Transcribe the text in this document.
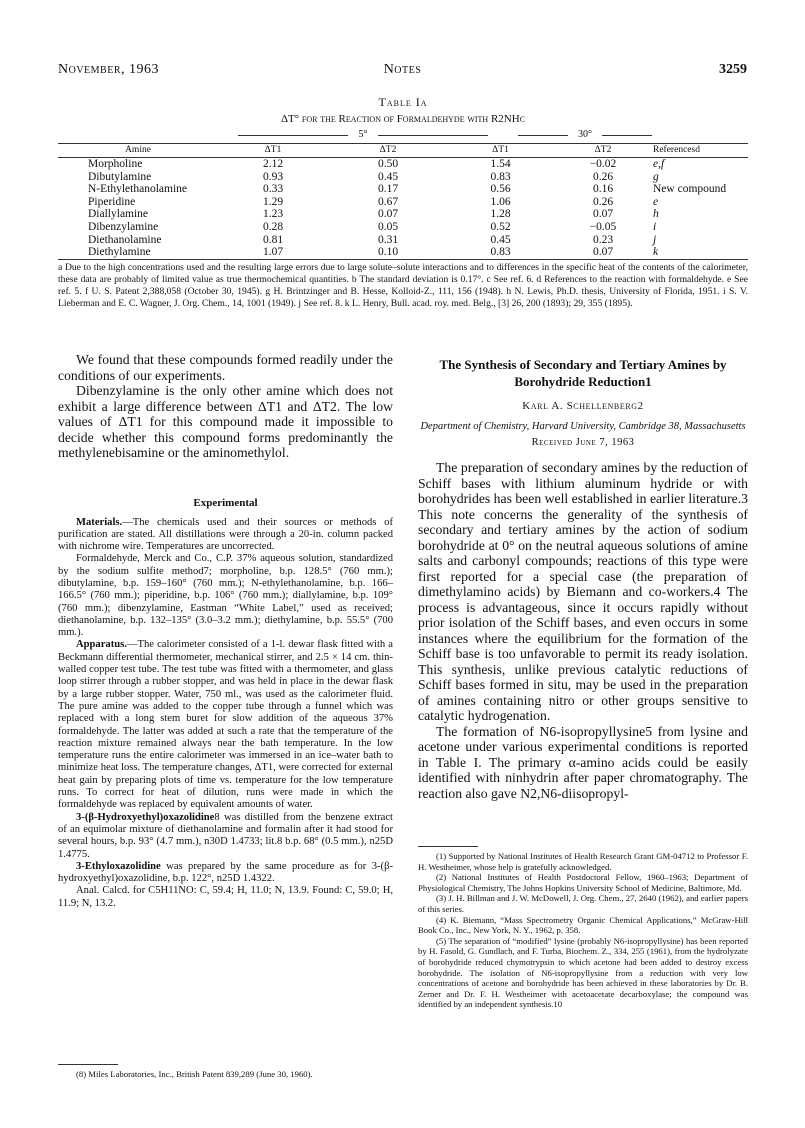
November, 1963	Notes	3259
Table Ia
ΔT° for the Reaction of Formaldehyde with R2NHc
5°	30°
Amine	ΔT1	ΔT2	ΔT1	ΔT2	Referencesd
Morpholine	2.12	0.50	1.54	−0.02	e,f
Dibutylamine	0.93	0.45	0.83	0.26	g
N-Ethylethanolamine	0.33	0.17	0.56	0.16	New compound
Piperidine	1.29	0.67	1.06	0.26	e
Diallylamine	1.23	0.07	1.28	0.07	h
Dibenzylamine	0.28	0.05	0.52	−0.05	i
Diethanolamine	0.81	0.31	0.45	0.23	j
Diethylamine	1.07	0.10	0.83	0.07	k
a Due to the high concentrations used and the resulting large errors due to large solute–solute interactions and to differences in the specific heat of the contents of the calorimeter, these data are probably of limited value as true thermochemical quantities. b The standard deviation is 0.17°. c See ref. 6. d References to the reaction with formaldehyde. e See ref. 5. f U. S. Patent 2,388,058 (October 30, 1945). g H. Brintzinger and B. Hesse, Kolloid-Z., 111, 156 (1948). h N. Lewis, Ph.D. thesis, University of Florida, 1951. i S. V. Lieberman and E. C. Wagner, J. Org. Chem., 14, 1001 (1949). j See ref. 8. k L. Henry, Bull. acad. roy. med. Belg., [3] 26, 200 (1893); 29, 355 (1895).

We found that these compounds formed readily under the conditions of our experiments.

Dibenzylamine is the only other amine which does not exhibit a large difference between ΔT1 and ΔT2. The low values of ΔT1 for this compound made it impossible to decide whether this compound forms predominantly the methylenebisamine or the aminomethylol.

Experimental

Materials.—The chemicals used and their sources or methods of purification are stated. All distillations were through a 20-in. column packed with nichrome wire. Temperatures are uncorrected.

Formaldehyde, Merck and Co., C.P. 37% aqueous solution, standardized by the sodium sulfite method7; morpholine, b.p. 128.5° (760 mm.); dibutylamine, b.p. 159–160° (760 mm.); N-ethylethanolamine, b.p. 166–166.5° (760 mm.); piperidine, b.p. 106° (760 mm.); diallylamine, b.p. 109° (760 mm.); dibenzylamine, Eastman “White Label,” used as received; diethanolamine, b.p. 132–135° (3.0–3.2 mm.); diethylamine, b.p. 55.5° (700 mm.).

Apparatus.—The calorimeter consisted of a 1-l. dewar flask fitted with a Beckmann differential thermometer, mechanical stirrer, and 2.5 × 14 cm. thin-walled copper test tube. The test tube was fitted with a thermometer, and glass loop stirrer through a rubber stopper, and was held in place in the dewar flask by a large rubber stopper. Water, 750 ml., was used as the calorimeter fluid. The pure amine was added to the copper tube through a funnel which was replaced with a long stem buret for slow addition of the aqueous 37% formaldehyde. The latter was added at such a rate that the temperature of the reaction mixture remained always near the bath temperature. In the low temperature runs the entire calorimeter was immersed in an ice–water bath to minimize heat loss. The temperature changes, ΔT1, were corrected for external heat gain by preparing plots of time vs. temperature for the low temperature runs. To correct for heat of dilution, runs were made in which the formaldehyde was replaced by equivalent amounts of water.

3-(β-Hydroxyethyl)oxazolidine8 was distilled from the benzene extract of an equimolar mixture of diethanolamine and formalin after it had stood for several hours, b.p. 93° (4.7 mm.), n30D 1.4733; lit.8 b.p. 68° (0.5 mm.), n25D 1.4775.

3-Ethyloxazolidine was prepared by the same procedure as for 3-(β-hydroxyethyl)oxazolidine, b.p. 122°, n25D 1.4322.

Anal. Calcd. for C5H11NO: C, 59.4; H, 11.0; N, 13.9. Found: C, 59.0; H, 11.9; N, 13.2.

(8) Miles Laboratories, Inc., British Patent 839,289 (June 30, 1960).

The Synthesis of Secondary and Tertiary Amines by Borohydride Reduction1
Karl A. Schellenberg2
Department of Chemistry, Harvard University, Cambridge 38, Massachusetts
Received June 7, 1963

The preparation of secondary amines by the reduction of Schiff bases with lithium aluminum hydride or with borohydrides has been well established in earlier literature.3 This note concerns the generality of the synthesis of secondary and tertiary amines by the action of sodium borohydride at 0° on the neutral aqueous solutions of amine salts and carbonyl compounds; reactions of this type were first reported for a special case (the preparation of dimethylamino acids) by Biemann and co-workers.4 The process is advantageous, since it occurs rapidly without prior isolation of the Schiff bases, and even occurs in some instances where the equilibrium for the formation of the Schiff base is too unfavorable to permit its ready isolation. This synthesis, unlike previous catalytic reductions of Schiff bases formed in situ, may be used in the preparation of amines containing nitro or other groups sensitive to catalytic hydrogenation.

The formation of N6-isopropyllysine5 from lysine and acetone under various experimental conditions is reported in Table I. The primary α-amino acids could be easily identified with ninhydrin after paper chromatography. The reaction also gave N2,N6-diisopropyl-

(1) Supported by National Institutes of Health Research Grant GM-04712 to Professor F. H. Westheimer, whose help is gratefully acknowledged.

(2) National Institutes of Health Postdoctoral Fellow, 1960–1963; Department of Physiological Chemistry, The Johns Hopkins University School of Medicine, Baltimore, Md.

(3) J. H. Billman and J. W. McDowell, J. Org. Chem., 27, 2640 (1962), and earlier papers of this series.

(4) K. Biemann, “Mass Spectrometry Organic Chemical Applications,” McGraw-Hill Book Co., Inc., New York, N. Y., 1962, p. 358.

(5) The separation of “modified” lysine (probably N6-isopropyllysine) has been reported by H. Fasold, G. Gundlach, and F. Turba, Biochem. Z., 334, 255 (1961), from the hydrolyzate of borohydride reduced chymotrypsin to which acetone had been added to destroy excess borohydride. The isolation of N6-isopropyllysine from a reduction with very low concentrations of acetone and borohydride has been achieved in these laboratories by Dr. B. Zerner and Dr. F. H. Westheimer with acetoacetate decarboxylase; the compound was identified by an independent synthesis.10
